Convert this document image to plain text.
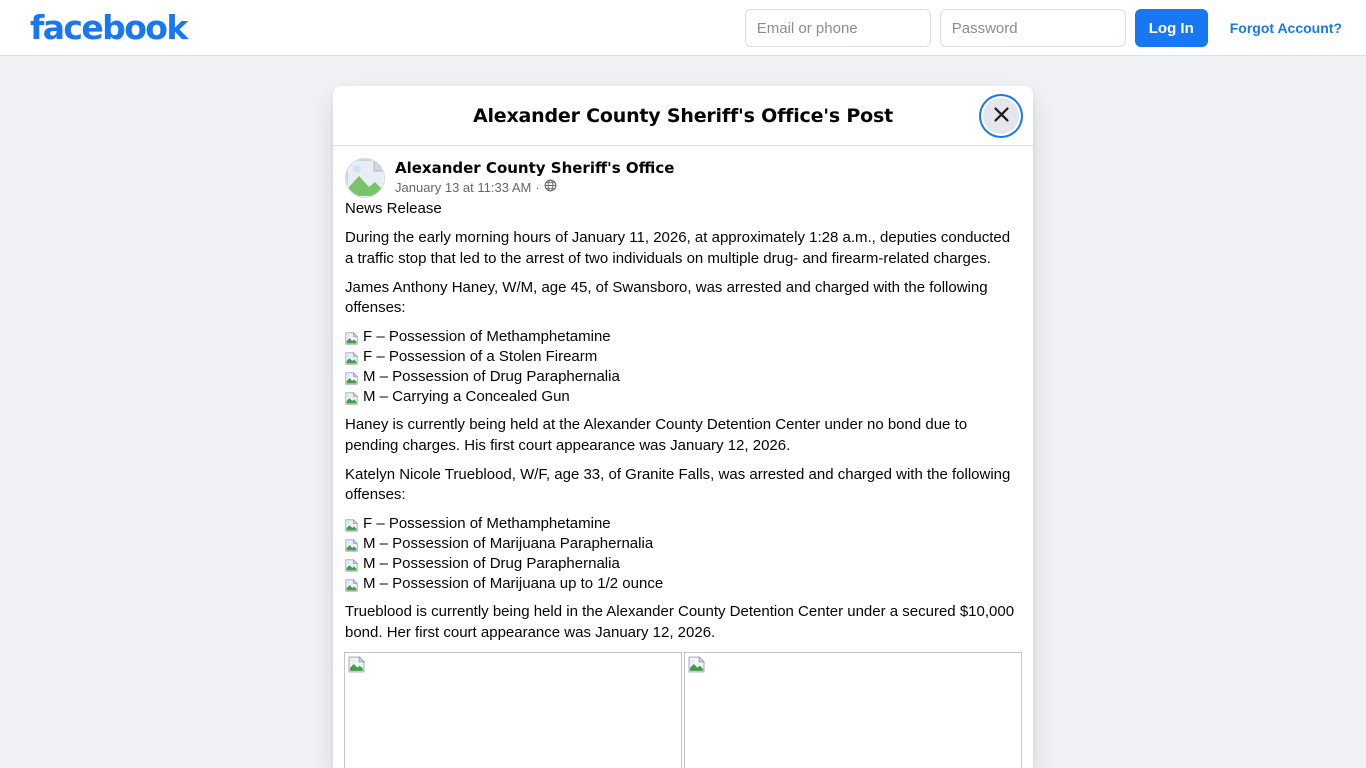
facebook
Email or phone	Log In	Forgot Account?
Alexander County Sheriff's Office's Post
Alexander County Sheriff's Office
January 13 at 11:33 AM ·

News Release

During the early morning hours of January 11, 2026, at approximately 1:28 a.m., deputies conducted a traffic stop that led to the arrest of two individuals on multiple drug- and firearm-related charges.

James Anthony Haney, W/M, age 45, of Swansboro, was arrested and charged with the following offenses:

F – Possession of Methamphetamine
F – Possession of a Stolen Firearm
M – Possession of Drug Paraphernalia
M – Carrying a Concealed Gun

Haney is currently being held at the Alexander County Detention Center under no bond due to pending charges. His first court appearance was January 12, 2026.

Katelyn Nicole Trueblood, W/F, age 33, of Granite Falls, was arrested and charged with the following offenses:

F – Possession of Methamphetamine
M – Possession of Marijuana Paraphernalia
M – Possession of Drug Paraphernalia
M – Possession of Marijuana up to 1/2 ounce

Trueblood is currently being held in the Alexander County Detention Center under a secured $10,000 bond. Her first court appearance was January 12, 2026.
